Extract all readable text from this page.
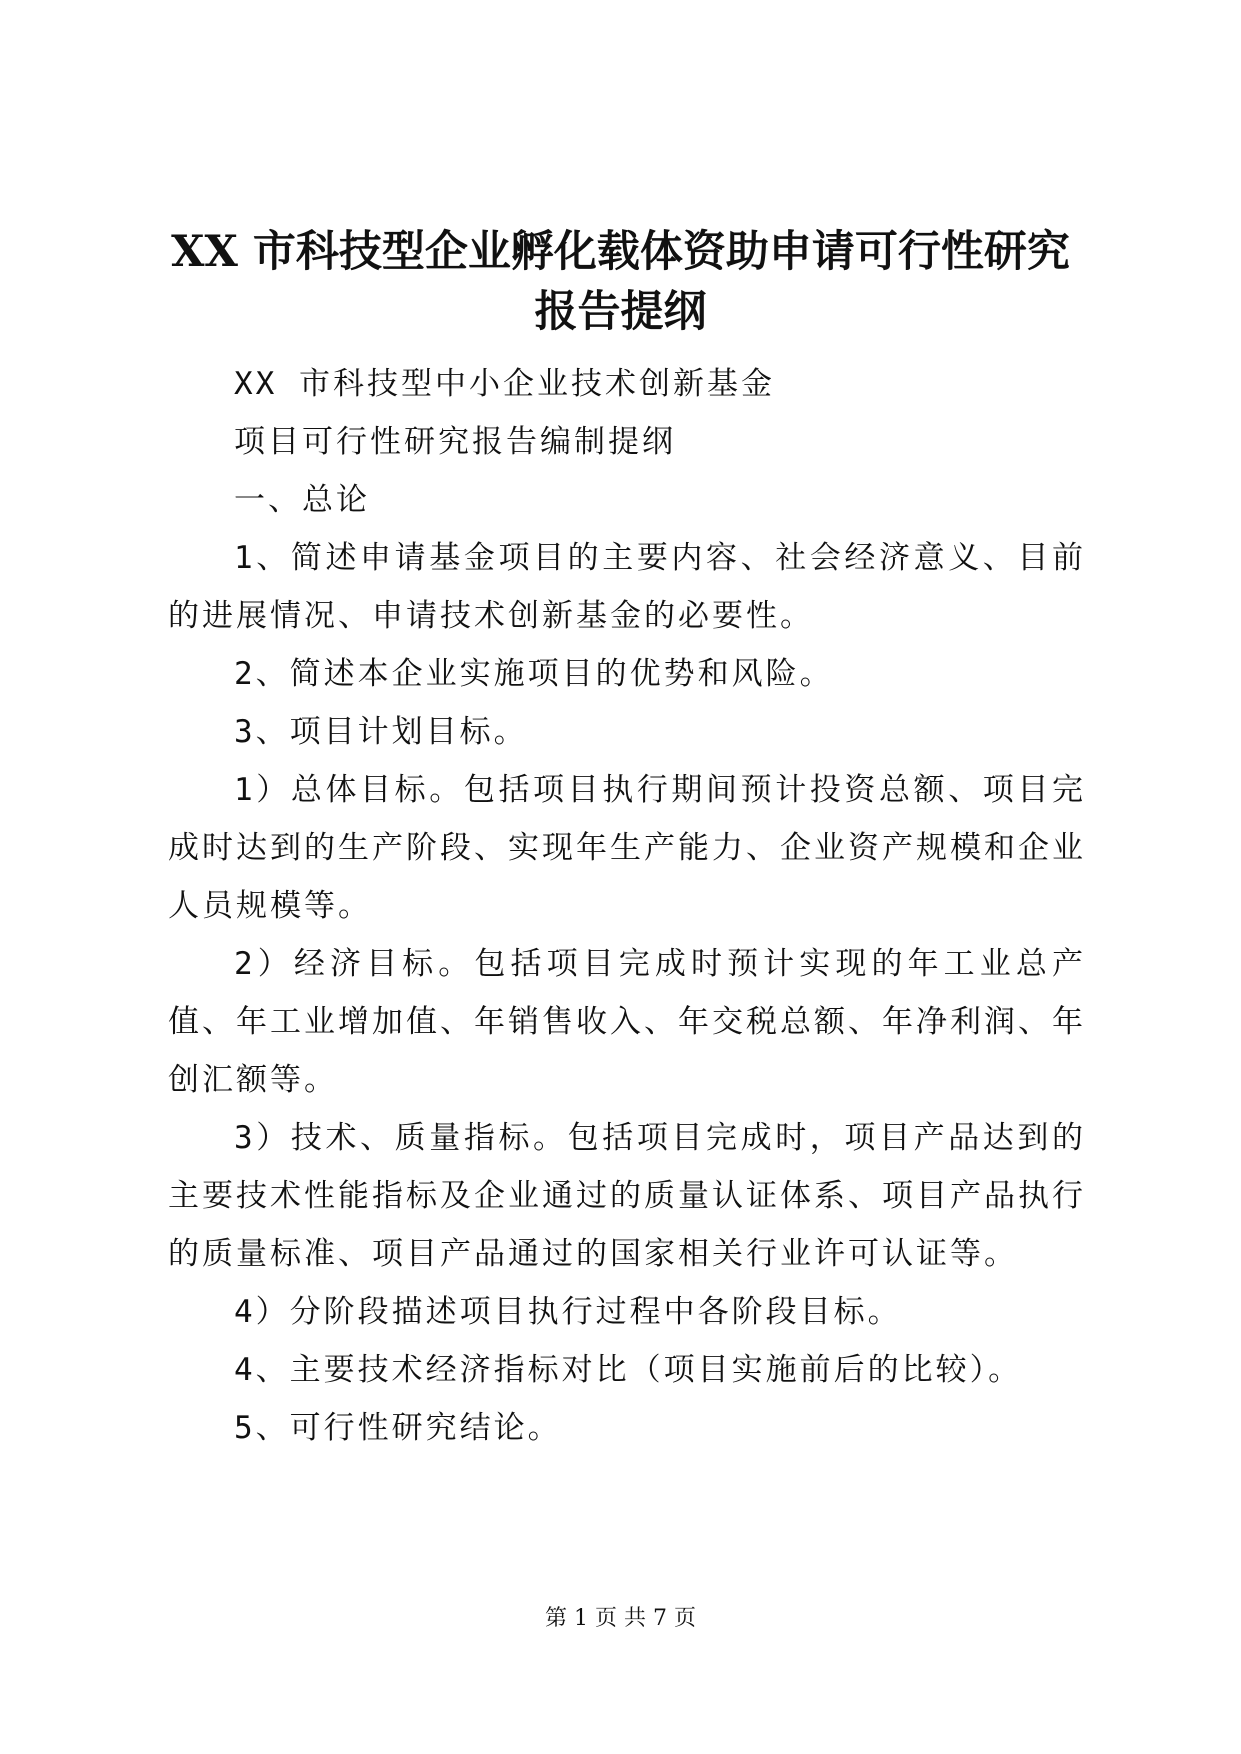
XX 市科技型企业孵化载体资助申请可行性研究报告提纲

XX 市科技型中小企业技术创新基金

项目可行性研究报告编制提纲

一、总论

1、简述申请基金项目的主要内容、社会经济意义、目前的进展情况、申请技术创新基金的必要性。

2、简述本企业实施项目的优势和风险。

3、项目计划目标。

1）总体目标。包括项目执行期间预计投资总额、项目完成时达到的生产阶段、实现年生产能力、企业资产规模和企业人员规模等。

2）经济目标。包括项目完成时预计实现的年工业总产值、年工业增加值、年销售收入、年交税总额、年净利润、年创汇额等。

3）技术、质量指标。包括项目完成时，项目产品达到的主要技术性能指标及企业通过的质量认证体系、项目产品执行的质量标准、项目产品通过的国家相关行业许可认证等。

4）分阶段描述项目执行过程中各阶段目标。

4、主要技术经济指标对比（项目实施前后的比较）。

5、可行性研究结论。

第 1 页 共 7 页
